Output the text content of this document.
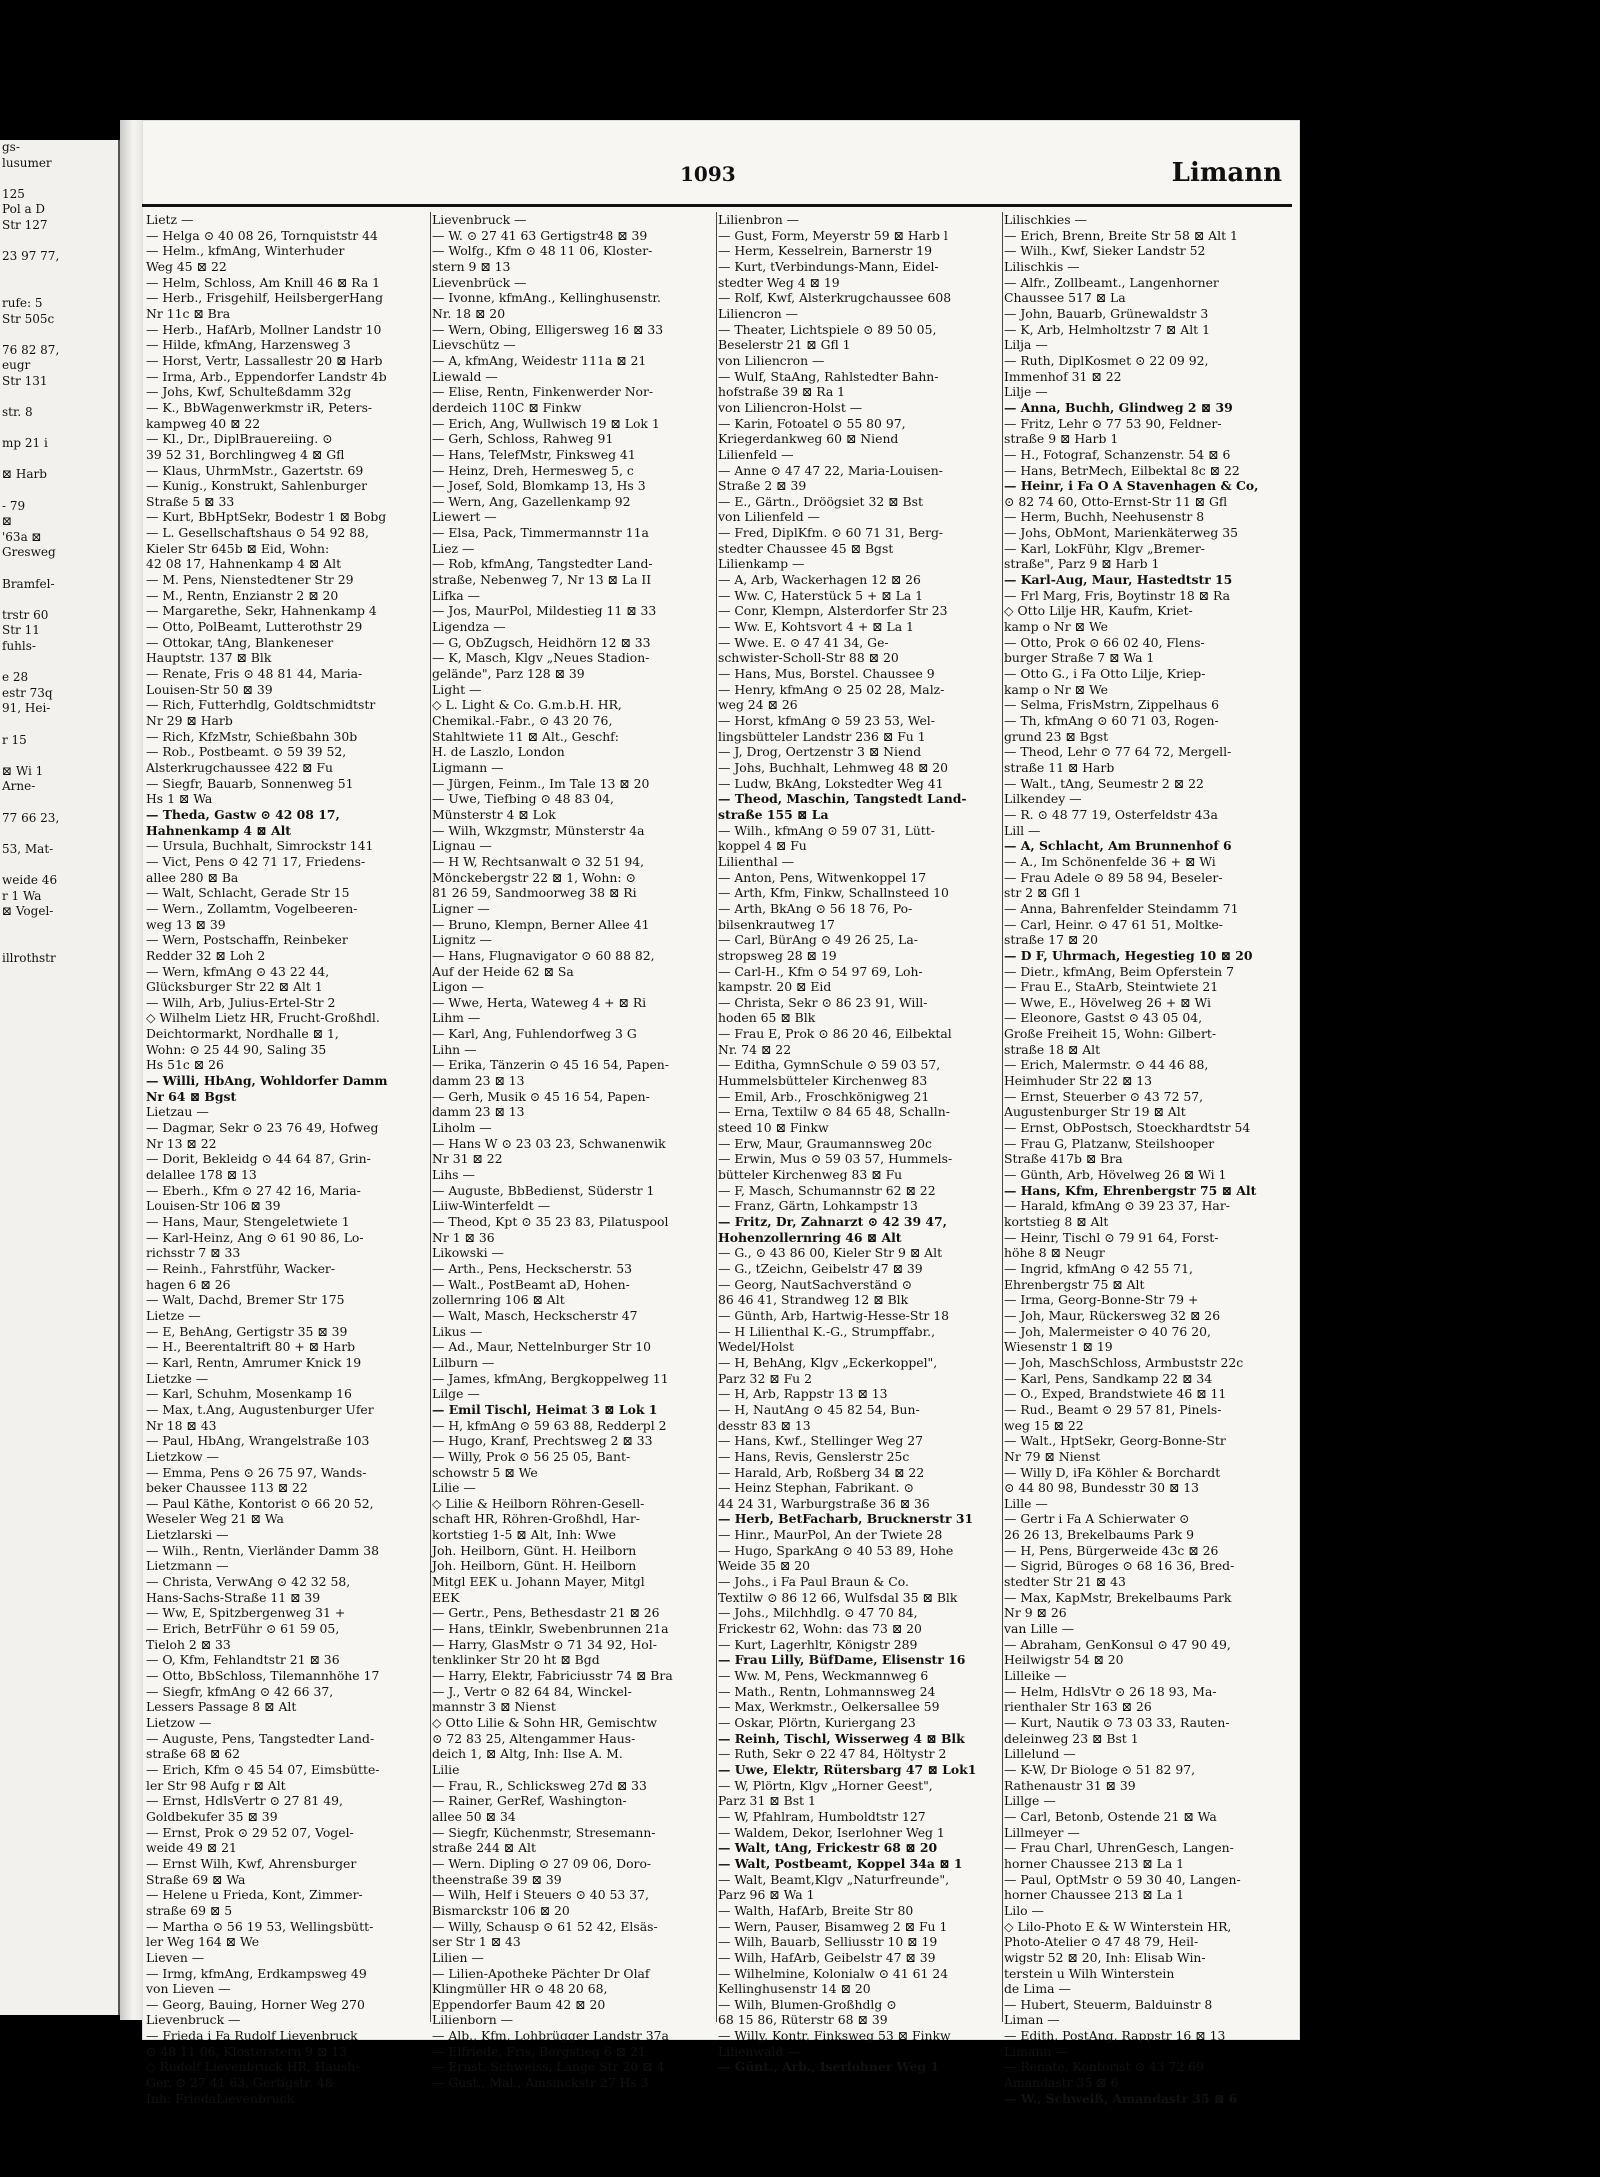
gs-
lusumer

125
Pol a D
Str 127

23 97 77,

rufe: 5
Str 505c

76 82 87,
eugr
Str 131

str. 8

mp 21 i

⊠ Harb

- 79
⊠
'63a ⊠
Gresweg

Bramfel-

trstr 60
Str 11
fuhls-

e 28
estr 73q
91, Hei-

r 15

⊠ Wi 1
Arne-

77 66 23,

53, Mat-

weide 46
r 1 Wa
⊠ Vogel-

illrothstr

1093	Limann
Lietz —
— Helga ⊙ 40 08 26, Tornquiststr 44
— Helm., kfmAng, Winterhuder
Weg 45 ⊠ 22
— Helm, Schloss, Am Knill 46 ⊠ Ra 1
— Herb., Frisgehilf, HeilsbergerHang
Nr 11c ⊠ Bra
— Herb., HafArb, Mollner Landstr 10
— Hilde, kfmAng, Harzensweg 3
— Horst, Vertr, Lassallestr 20 ⊠ Harb
— Irma, Arb., Eppendorfer Landstr 4b
— Johs, Kwf, Schulteßdamm 32g
— K., BbWagenwerkmstr iR, Peters-
kampweg 40 ⊠ 22
— Kl., Dr., DiplBrauereiing. ⊙
39 52 31, Borchlingweg 4 ⊠ Gfl
— Klaus, UhrmMstr., Gazertstr. 69
— Kunig., Konstrukt, Sahlenburger
Straße 5 ⊠ 33
— Kurt, BbHptSekr, Bodestr 1 ⊠ Bobg
— L. Gesellschaftshaus ⊙ 54 92 88,
Kieler Str 645b ⊠ Eid, Wohn:
42 08 17, Hahnenkamp 4 ⊠ Alt
— M. Pens, Nienstedtener Str 29
— M., Rentn, Enzianstr 2 ⊠ 20
— Margarethe, Sekr, Hahnenkamp 4
— Otto, PolBeamt, Lutterothstr 29
— Ottokar, tAng, Blankeneser
Hauptstr. 137 ⊠ Blk
— Renate, Fris ⊙ 48 81 44, Maria-
Louisen-Str 50 ⊠ 39
— Rich, Futterhdlg, Goldtschmidtstr
Nr 29 ⊠ Harb
— Rich, KfzMstr, Schießbahn 30b
— Rob., Postbeamt. ⊙ 59 39 52,
Alsterkrugchaussee 422 ⊠ Fu
— Siegfr, Bauarb, Sonnenweg 51
Hs 1 ⊠ Wa
— Theda, Gastw ⊙ 42 08 17,
Hahnenkamp 4 ⊠ Alt
— Ursula, Buchhalt, Simrockstr 141
— Vict, Pens ⊙ 42 71 17, Friedens-
allee 280 ⊠ Ba
— Walt, Schlacht, Gerade Str 15
— Wern., Zollamtm, Vogelbeeren-
weg 13 ⊠ 39
— Wern, Postschaffn, Reinbeker
Redder 32 ⊠ Loh 2
— Wern, kfmAng ⊙ 43 22 44,
Glücksburger Str 22 ⊠ Alt 1
— Wilh, Arb, Julius-Ertel-Str 2
◇ Wilhelm Lietz HR, Frucht-Großhdl.
Deichtormarkt, Nordhalle ⊠ 1,
Wohn: ⊙ 25 44 90, Saling 35
Hs 51c ⊠ 26
— Willi, HbAng, Wohldorfer Damm
Nr 64 ⊠ Bgst
Lietzau —
— Dagmar, Sekr ⊙ 23 76 49, Hofweg
Nr 13 ⊠ 22
— Dorit, Bekleidg ⊙ 44 64 87, Grin-
delallee 178 ⊠ 13
— Eberh., Kfm ⊙ 27 42 16, Maria-
Louisen-Str 106 ⊠ 39
— Hans, Maur, Stengeletwiete 1
— Karl-Heinz, Ang ⊙ 61 90 86, Lo-
richsstr 7 ⊠ 33
— Reinh., Fahrstführ, Wacker-
hagen 6 ⊠ 26
— Walt, Dachd, Bremer Str 175
Lietze —
— E, BehAng, Gertigstr 35 ⊠ 39
— H., Beerentaltrift 80 + ⊠ Harb
— Karl, Rentn, Amrumer Knick 19
Lietzke —
— Karl, Schuhm, Mosenkamp 16
— Max, t.Ang, Augustenburger Ufer
Nr 18 ⊠ 43
— Paul, HbAng, Wrangelstraße 103
Lietzkow —
— Emma, Pens ⊙ 26 75 97, Wands-
beker Chaussee 113 ⊠ 22
— Paul Käthe, Kontorist ⊙ 66 20 52,
Weseler Weg 21 ⊠ Wa
Lietzlarski —
— Wilh., Rentn, Vierländer Damm 38
Lietzmann —
— Christa, VerwAng ⊙ 42 32 58,
Hans-Sachs-Straße 11 ⊠ 39
— Ww, E, Spitzbergenweg 31 +
— Erich, BetrFühr ⊙ 61 59 05,
Tieloh 2 ⊠ 33
— O, Kfm, Fehlandtstr 21 ⊠ 36
— Otto, BbSchloss, Tilemannhöhe 17
— Siegfr, kfmAng ⊙ 42 66 37,
Lessers Passage 8 ⊠ Alt
Lietzow —
— Auguste, Pens, Tangstedter Land-
straße 68 ⊠ 62
— Erich, Kfm ⊙ 45 54 07, Eimsbütte-
ler Str 98 Aufg r ⊠ Alt
— Ernst, HdlsVertr ⊙ 27 81 49,
Goldbekufer 35 ⊠ 39
— Ernst, Prok ⊙ 29 52 07, Vogel-
weide 49 ⊠ 21
— Ernst Wilh, Kwf, Ahrensburger
Straße 69 ⊠ Wa
— Helene u Frieda, Kont, Zimmer-
straße 69 ⊠ 5
— Martha ⊙ 56 19 53, Wellingsbütt-
ler Weg 164 ⊠ We
Lieven —
— Irmg, kfmAng, Erdkampsweg 49
von Lieven —
— Georg, Bauing, Horner Weg 270
Lievenbruck —
— Frieda i Fa Rudolf Lievenbruck
⊙ 48 11 06, Klosterstern 9 ⊠ 13
◇ Rudolf Lievenbruck HR, Haush-
Ger. ⊙ 27 41 63, Gertigstr. 48
Inh: FriedaLievenbruck
Lievenbruck —
— W. ⊙ 27 41 63 Gertigstr48 ⊠ 39
— Wolfg., Kfm ⊙ 48 11 06, Kloster-
stern 9 ⊠ 13
Lievenbrück —
— Ivonne, kfmAng., Kellinghusenstr.
Nr. 18 ⊠ 20
— Wern, Obing, Elligersweg 16 ⊠ 33
Lievschütz —
— A, kfmAng, Weidestr 111a ⊠ 21
Liewald —
— Elise, Rentn, Finkenwerder Nor-
derdeich 110C ⊠ Finkw
— Erich, Ang, Wullwisch 19 ⊠ Lok 1
— Gerh, Schloss, Rahweg 91
— Hans, TelefMstr, Finksweg 41
— Heinz, Dreh, Hermesweg 5, c
— Josef, Sold, Blomkamp 13, Hs 3
— Wern, Ang, Gazellenkamp 92
Liewert —
— Elsa, Pack, Timmermannstr 11a
Liez —
— Rob, kfmAng, Tangstedter Land-
straße, Nebenweg 7, Nr 13 ⊠ La II
Lifka —
— Jos, MaurPol, Mildestieg 11 ⊠ 33
Ligendza —
— G, ObZugsch, Heidhörn 12 ⊠ 33
— K, Masch, Klgv „Neues Stadion-
gelände", Parz 128 ⊠ 39
Light —
◇ L. Light & Co. G.m.b.H. HR,
Chemikal.-Fabr., ⊙ 43 20 76,
Stahltwiete 11 ⊠ Alt., Geschf:
H. de Laszlo, London
Ligmann —
— Jürgen, Feinm., Im Tale 13 ⊠ 20
— Uwe, Tiefbing ⊙ 48 83 04,
Münsterstr 4 ⊠ Lok
— Wilh, Wkzgmstr, Münsterstr 4a
Lignau —
— H W, Rechtsanwalt ⊙ 32 51 94,
Mönckebergstr 22 ⊠ 1, Wohn: ⊙
81 26 59, Sandmoorweg 38 ⊠ Ri
Ligner —
— Bruno, Klempn, Berner Allee 41
Lignitz —
— Hans, Flugnavigator ⊙ 60 88 82,
Auf der Heide 62 ⊠ Sa
Ligon —
— Wwe, Herta, Wateweg 4 + ⊠ Ri
Lihm —
— Karl, Ang, Fuhlendorfweg 3 G
Lihn —
— Erika, Tänzerin ⊙ 45 16 54, Papen-
damm 23 ⊠ 13
— Gerh, Musik ⊙ 45 16 54, Papen-
damm 23 ⊠ 13
Liholm —
— Hans W ⊙ 23 03 23, Schwanenwik
Nr 31 ⊠ 22
Lihs —
— Auguste, BbBedienst, Süderstr 1
Liiw-Winterfeldt —
— Theod, Kpt ⊙ 35 23 83, Pilatuspool
Nr 1 ⊠ 36
Likowski —
— Arth., Pens, Heckscherstr. 53
— Walt., PostBeamt aD, Hohen-
zollernring 106 ⊠ Alt
— Walt, Masch, Heckscherstr 47
Likus —
— Ad., Maur, Nettelnburger Str 10
Lilburn —
— James, kfmAng, Bergkoppelweg 11
Lilge —
— Emil Tischl, Heimat 3 ⊠ Lok 1
— H, kfmAng ⊙ 59 63 88, Redderpl 2
— Hugo, Kranf, Prechtsweg 2 ⊠ 33
— Willy, Prok ⊙ 56 25 05, Bant-
schowstr 5 ⊠ We
Lilie —
◇ Lilie & Heilborn Röhren-Gesell-
schaft HR, Röhren-Großhdl, Har-
kortstieg 1-5 ⊠ Alt, Inh: Wwe
Joh. Heilborn, Günt. H. Heilborn
Joh. Heilborn, Günt. H. Heilborn
Mitgl EEK u. Johann Mayer, Mitgl
EEK
— Gertr., Pens, Bethesdastr 21 ⊠ 26
— Hans, tEinklr, Swebenbrunnen 21a
— Harry, GlasMstr ⊙ 71 34 92, Hol-
tenklinker Str 20 ht ⊠ Bgd
— Harry, Elektr, Fabriciusstr 74 ⊠ Bra
— J., Vertr ⊙ 82 64 84, Winckel-
mannstr 3 ⊠ Nienst
◇ Otto Lilie & Sohn HR, Gemischtw
⊙ 72 83 25, Altengammer Haus-
deich 1, ⊠ Altg, Inh: Ilse A. M.
Lilie
— Frau, R., Schlicksweg 27d ⊠ 33
— Rainer, GerRef, Washington-
allee 50 ⊠ 34
— Siegfr, Küchenmstr, Stresemann-
straße 244 ⊠ Alt
— Wern. Dipling ⊙ 27 09 06, Doro-
theenstraße 39 ⊠ 39
— Wilh, Helf i Steuers ⊙ 40 53 37,
Bismarckstr 106 ⊠ 20
— Willy, Schausp ⊙ 61 52 42, Elsäs-
ser Str 1 ⊠ 43
Lilien —
— Lilien-Apotheke Pächter Dr Olaf
Klingmüller HR ⊙ 48 20 68,
Eppendorfer Baum 42 ⊠ 20
Lilienborn —
— Alb., Kfm, Lohbrügger Landstr 37a
— Elfriede, Fris, Bergstieg 6 ⊠ 21
— Ernst, Schweiss, Lange Str 20 ⊠ 4
— Gust., Mal., Amsinckstr 27 Hs 3
Lilienbron —
— Gust, Form, Meyerstr 59 ⊠ Harb l
— Herm, Kesselrein, Barnerstr 19
— Kurt, tVerbindungs-Mann, Eidel-
stedter Weg 4 ⊠ 19
— Rolf, Kwf, Alsterkrugchaussee 608
Liliencron —
— Theater, Lichtspiele ⊙ 89 50 05,
Beselerstr 21 ⊠ Gfl 1
von Liliencron —
— Wulf, StaAng, Rahlstedter Bahn-
hofstraße 39 ⊠ Ra 1
von Liliencron-Holst —
— Karin, Fotoatel ⊙ 55 80 97,
Kriegerdankweg 60 ⊠ Niend
Lilienfeld —
— Anne ⊙ 47 47 22, Maria-Louisen-
Straße 2 ⊠ 39
— E., Gärtn., Dröögsiet 32 ⊠ Bst
von Lilienfeld —
— Fred, DiplKfm. ⊙ 60 71 31, Berg-
stedter Chaussee 45 ⊠ Bgst
Lilienkamp —
— A, Arb, Wackerhagen 12 ⊠ 26
— Ww. C, Haterstück 5 + ⊠ La 1
— Conr, Klempn, Alsterdorfer Str 23
— Ww. E, Kohtsvort 4 + ⊠ La 1
— Wwe. E. ⊙ 47 41 34, Ge-
schwister-Scholl-Str 88 ⊠ 20
— Hans, Mus, Borstel. Chaussee 9
— Henry, kfmAng ⊙ 25 02 28, Malz-
weg 24 ⊠ 26
— Horst, kfmAng ⊙ 59 23 53, Wel-
lingsbütteler Landstr 236 ⊠ Fu 1
— J, Drog, Oertzenstr 3 ⊠ Niend
— Johs, Buchhalt, Lehmweg 48 ⊠ 20
— Ludw, BkAng, Lokstedter Weg 41
— Theod, Maschin, Tangstedt Land-
straße 155 ⊠ La
— Wilh., kfmAng ⊙ 59 07 31, Lütt-
koppel 4 ⊠ Fu
Lilienthal —
— Anton, Pens, Witwenkoppel 17
— Arth, Kfm, Finkw, Schallnsteed 10
— Arth, BkAng ⊙ 56 18 76, Po-
bilsenkrautweg 17
— Carl, BürAng ⊙ 49 26 25, La-
stropsweg 28 ⊠ 19
— Carl-H., Kfm ⊙ 54 97 69, Loh-
kampstr. 20 ⊠ Eid
— Christa, Sekr ⊙ 86 23 91, Will-
hoden 65 ⊠ Blk
— Frau E, Prok ⊙ 86 20 46, Eilbektal
Nr. 74 ⊠ 22
— Editha, GymnSchule ⊙ 59 03 57,
Hummelsbütteler Kirchenweg 83
— Emil, Arb., Froschkönigweg 21
— Erna, Textilw ⊙ 84 65 48, Schalln-
steed 10 ⊠ Finkw
— Erw, Maur, Graumannsweg 20c
— Erwin, Mus ⊙ 59 03 57, Hummels-
bütteler Kirchenweg 83 ⊠ Fu
— F, Masch, Schumannstr 62 ⊠ 22
— Franz, Gärtn, Lohkampstr 13
— Fritz, Dr, Zahnarzt ⊙ 42 39 47,
Hohenzollernring 46 ⊠ Alt
— G., ⊙ 43 86 00, Kieler Str 9 ⊠ Alt
— G., tZeichn, Geibelstr 47 ⊠ 39
— Georg, NautSachverständ ⊙
86 46 41, Strandweg 12 ⊠ Blk
— Günth, Arb, Hartwig-Hesse-Str 18
— H Lilienthal K.-G., Strumpffabr.,
Wedel/Holst
— H, BehAng, Klgv „Eckerkoppel",
Parz 32 ⊠ Fu 2
— H, Arb, Rappstr 13 ⊠ 13
— H, NautAng ⊙ 45 82 54, Bun-
desstr 83 ⊠ 13
— Hans, Kwf., Stellinger Weg 27
— Hans, Revis, Genslerstr 25c
— Harald, Arb, Roßberg 34 ⊠ 22
— Heinz Stephan, Fabrikant. ⊙
44 24 31, Warburgstraße 36 ⊠ 36
— Herb, BetFacharb, Brucknerstr 31
— Hinr., MaurPol, An der Twiete 28
— Hugo, SparkAng ⊙ 40 53 89, Hohe
Weide 35 ⊠ 20
— Johs., i Fa Paul Braun & Co.
Textilw ⊙ 86 12 66, Wulfsdal 35 ⊠ Blk
— Johs., Milchhdlg. ⊙ 47 70 84,
Frickestr 62, Wohn: das 73 ⊠ 20
— Kurt, Lagerhltr, Königstr 289
— Frau Lilly, BüfDame, Elisenstr 16
— Ww. M, Pens, Weckmannweg 6
— Math., Rentn, Lohmannsweg 24
— Max, Werkmstr., Oelkersallee 59
— Oskar, Plörtn, Kuriergang 23
— Reinh, Tischl, Wisserweg 4 ⊠ Blk
— Ruth, Sekr ⊙ 22 47 84, Höltystr 2
— Uwe, Elektr, Rütersbarg 47 ⊠ Lok1
— W, Plörtn, Klgv „Horner Geest",
Parz 31 ⊠ Bst 1
— W, Pfahlram, Humboldtstr 127
— Waldem, Dekor, Iserlohner Weg 1
— Walt, tAng, Frickestr 68 ⊠ 20
— Walt, Postbeamt, Koppel 34a ⊠ 1
— Walt, Beamt,Klgv „Naturfreunde",
Parz 96 ⊠ Wa 1
— Walth, HafArb, Breite Str 80
— Wern, Pauser, Bisamweg 2 ⊠ Fu 1
— Wilh, Bauarb, Selliusstr 10 ⊠ 19
— Wilh, HafArb, Geibelstr 47 ⊠ 39
— Wilhelmine, Kolonialw ⊙ 41 61 24
Kellinghusenstr 14 ⊠ 20
— Wilh, Blumen-Großhdlg ⊙
68 15 86, Rüterstr 68 ⊠ 39
— Willy, Kontr, Finksweg 53 ⊠ Finkw
Lilienwald —
— Günt., Arb., Iserlohner Weg 1
Lilischkies —
— Erich, Brenn, Breite Str 58 ⊠ Alt 1
— Wilh., Kwf, Sieker Landstr 52
Lilischkis —
— Alfr., Zollbeamt., Langenhorner
Chaussee 517 ⊠ La
— John, Bauarb, Grünewaldstr 3
— K, Arb, Helmholtzstr 7 ⊠ Alt 1
Lilja —
— Ruth, DiplKosmet ⊙ 22 09 92,
Immenhof 31 ⊠ 22
Lilje —
— Anna, Buchh, Glindweg 2 ⊠ 39
— Fritz, Lehr ⊙ 77 53 90, Feldner-
straße 9 ⊠ Harb 1
— H., Fotograf, Schanzenstr. 54 ⊠ 6
— Hans, BetrMech, Eilbektal 8c ⊠ 22
— Heinr, i Fa O A Stavenhagen & Co,
⊙ 82 74 60, Otto-Ernst-Str 11 ⊠ Gfl
— Herm, Buchh, Neehusenstr 8
— Johs, ObMont, Marienkäterweg 35
— Karl, LokFühr, Klgv „Bremer-
straße", Parz 9 ⊠ Harb 1
— Karl-Aug, Maur, Hastedtstr 15
— Frl Marg, Fris, Boytinstr 18 ⊠ Ra
◇ Otto Lilje HR, Kaufm, Kriet-
kamp o Nr ⊠ We
— Otto, Prok ⊙ 66 02 40, Flens-
burger Straße 7 ⊠ Wa 1
— Otto G., i Fa Otto Lilje, Kriep-
kamp o Nr ⊠ We
— Selma, FrisMstrn, Zippelhaus 6
— Th, kfmAng ⊙ 60 71 03, Rogen-
grund 23 ⊠ Bgst
— Theod, Lehr ⊙ 77 64 72, Mergell-
straße 11 ⊠ Harb
— Walt., tAng, Seumestr 2 ⊠ 22
Lilkendey —
— R. ⊙ 48 77 19, Osterfeldstr 43a
Lill —
— A, Schlacht, Am Brunnenhof 6
— A., Im Schönenfelde 36 + ⊠ Wi
— Frau Adele ⊙ 89 58 94, Beseler-
str 2 ⊠ Gfl 1
— Anna, Bahrenfelder Steindamm 71
— Carl, Heinr. ⊙ 47 61 51, Moltke-
straße 17 ⊠ 20
— D F, Uhrmach, Hegestieg 10 ⊠ 20
— Dietr., kfmAng, Beim Opferstein 7
— Frau E., StaArb, Steintwiete 21
— Wwe, E., Hövelweg 26 + ⊠ Wi
— Eleonore, Gastst ⊙ 43 05 04,
Große Freiheit 15, Wohn: Gilbert-
straße 18 ⊠ Alt
— Erich, Malermstr. ⊙ 44 46 88,
Heimhuder Str 22 ⊠ 13
— Ernst, Steuerber ⊙ 43 72 57,
Augustenburger Str 19 ⊠ Alt
— Ernst, ObPostsch, Stoeckhardtstr 54
— Frau G, Platzanw, Steilshooper
Straße 417b ⊠ Bra
— Günth, Arb, Hövelweg 26 ⊠ Wi 1
— Hans, Kfm, Ehrenbergstr 75 ⊠ Alt
— Harald, kfmAng ⊙ 39 23 37, Har-
kortstieg 8 ⊠ Alt
— Heinr, Tischl ⊙ 79 91 64, Forst-
höhe 8 ⊠ Neugr
— Ingrid, kfmAng ⊙ 42 55 71,
Ehrenbergstr 75 ⊠ Alt
— Irma, Georg-Bonne-Str 79 +
— Joh, Maur, Rückersweg 32 ⊠ 26
— Joh, Malermeister ⊙ 40 76 20,
Wiesenstr 1 ⊠ 19
— Joh, MaschSchloss, Armbuststr 22c
— Karl, Pens, Sandkamp 22 ⊠ 34
— O., Exped, Brandstwiete 46 ⊠ 11
— Rud., Beamt ⊙ 29 57 81, Pinels-
weg 15 ⊠ 22
— Walt., HptSekr, Georg-Bonne-Str
Nr 79 ⊠ Nienst
— Willy D, iFa Köhler & Borchardt
⊙ 44 80 98, Bundesstr 30 ⊠ 13
Lille —
— Gertr i Fa A Schierwater ⊙
26 26 13, Brekelbaums Park 9
— H, Pens, Bürgerweide 43c ⊠ 26
— Sigrid, Büroges ⊙ 68 16 36, Bred-
stedter Str 21 ⊠ 43
— Max, KapMstr, Brekelbaums Park
Nr 9 ⊠ 26
van Lille —
— Abraham, GenKonsul ⊙ 47 90 49,
Heilwigstr 54 ⊠ 20
Lilleike —
— Helm, HdlsVtr ⊙ 26 18 93, Ma-
rienthaler Str 163 ⊠ 26
— Kurt, Nautik ⊙ 73 03 33, Rauten-
deleinweg 23 ⊠ Bst 1
Lillelund —
— K-W, Dr Biologe ⊙ 51 82 97,
Rathenaustr 31 ⊠ 39
Lillge —
— Carl, Betonb, Ostende 21 ⊠ Wa
Lillmeyer —
— Frau Charl, UhrenGesch, Langen-
horner Chaussee 213 ⊠ La 1
— Paul, OptMstr ⊙ 59 30 40, Langen-
horner Chaussee 213 ⊠ La 1
Lilo —
◇ Lilo-Photo E & W Winterstein HR,
Photo-Atelier ⊙ 47 48 79, Heil-
wigstr 52 ⊠ 20, Inh: Elisab Win-
terstein u Wilh Winterstein
de Lima —
— Hubert, Steuerm, Balduinstr 8
Liman —
— Edith, PostAng, Rappstr 16 ⊠ 13
Limann —
— Renate, Kontorist ⊙ 43 72 69
Amandastr 35 ⊠ 6
— W., Schweiß, Amandastr 35 ⊠ 6
